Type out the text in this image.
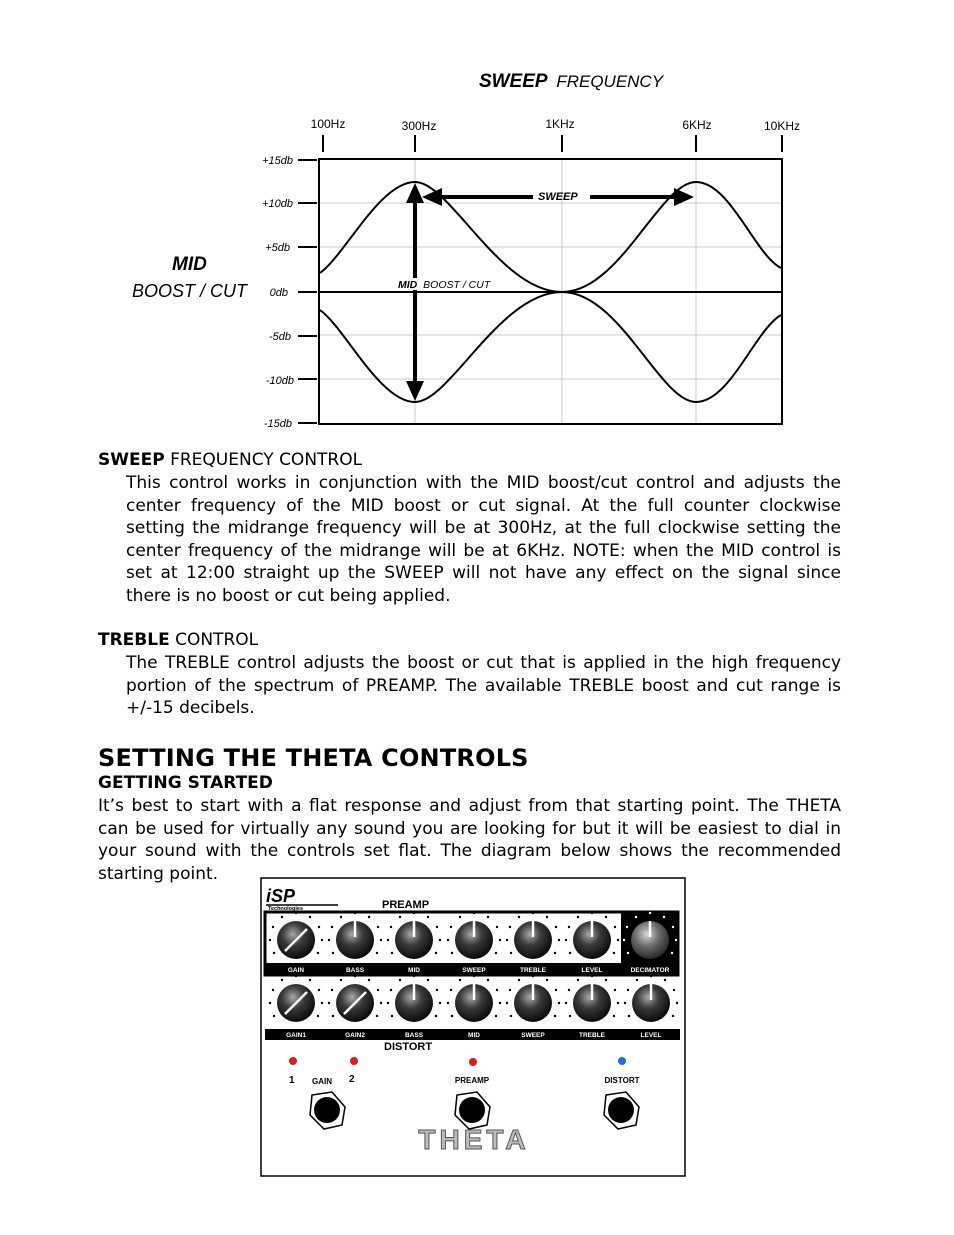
SWEEP FREQUENCY
100Hz	300Hz	1KHz	6KHz	10KHz
+15db
+10db
+5db
0db
-5db
-10db
-15db
MID
BOOST / CUT
SWEEP
MID BOOST / CUT
SWEEP FREQUENCY CONTROL
This control works in conjunction with the MID boost/cut control and adjusts the center frequency of the MID boost or cut signal. At the full counter clockwise setting the midrange frequency will be at 300Hz, at the full clockwise setting the center frequency of the midrange will be at 6KHz. NOTE: when the MID control is set at 12:00 straight up the SWEEP will not have any effect on the signal since there is no boost or cut being applied.
TREBLE CONTROL
The TREBLE control adjusts the boost or cut that is applied in the high frequency portion of the spectrum of PREAMP. The available TREBLE boost and cut range is +/-15 decibels.
SETTING THE THETA CONTROLS
GETTING STARTED
It’s best to start with a flat response and adjust from that starting point. The THETA can be used for virtually any sound you are looking for but it will be easiest to dial in your sound with the controls set flat. The diagram below shows the recommended starting point.
iSP
Technologies	PREAMP
GAIN	BASS	MID	SWEEP	TREBLE	LEVEL	DECIMATOR
GAIN1	GAIN2	BASS	MID	SWEEP	TREBLE	LEVEL
DISTORT
1 GAIN 2	PREAMP	DISTORT
THETA
